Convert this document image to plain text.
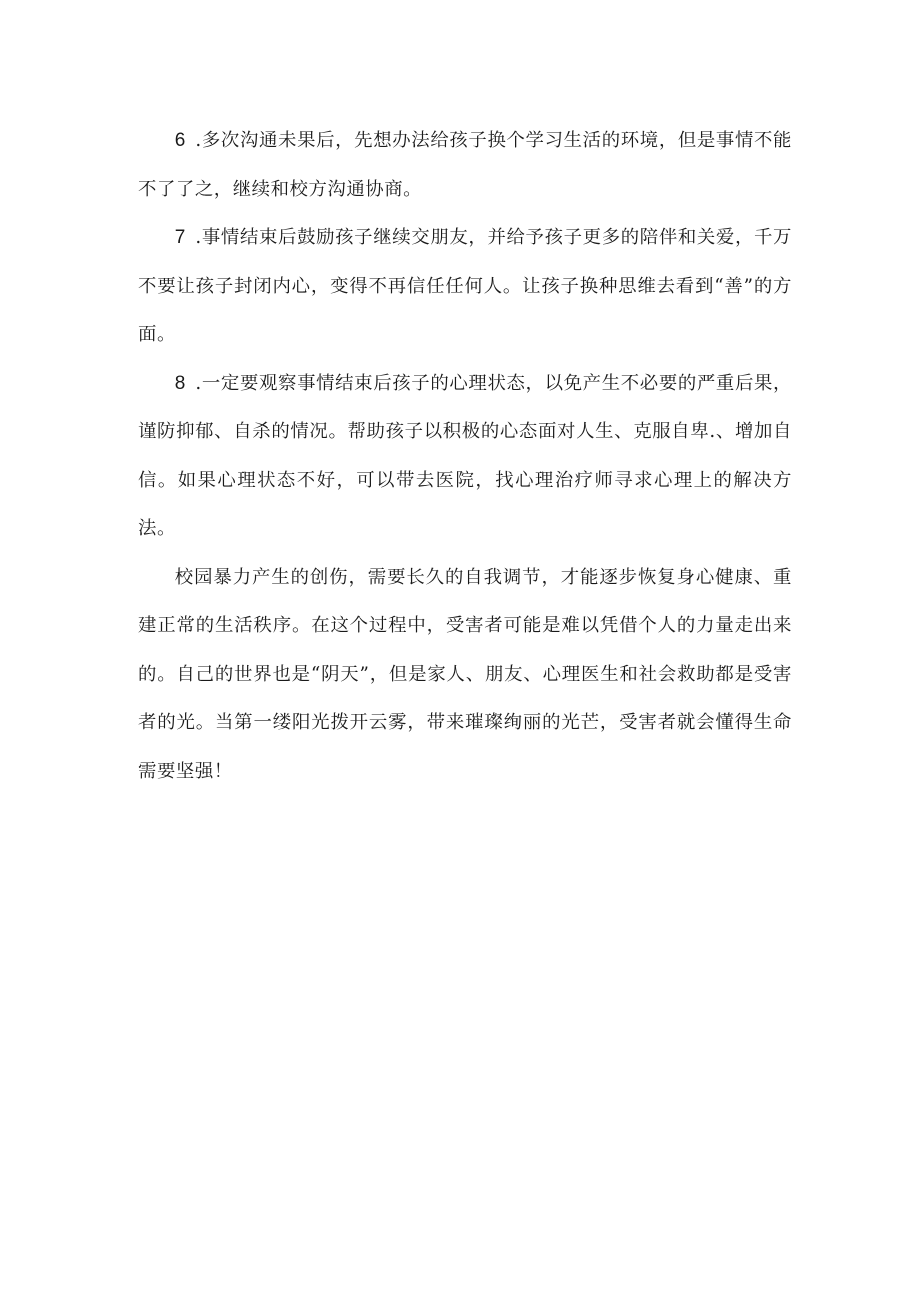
6 .多次沟通未果后，先想办法给孩子换个学习生活的环境，但是事情不能不了了之，继续和校方沟通协商。

7 .事情结束后鼓励孩子继续交朋友，并给予孩子更多的陪伴和关爱，千万不要让孩子封闭内心，变得不再信任任何人。让孩子换种思维去看到“善”的方面。

8 .一定要观察事情结束后孩子的心理状态，以免产生不必要的严重后果，谨防抑郁、自杀的情况。帮助孩子以积极的心态面对人生、克服自卑.、增加自信。如果心理状态不好，可以带去医院，找心理治疗师寻求心理上的解决方法。

校园暴力产生的创伤，需要长久的自我调节，才能逐步恢复身心健康、重建正常的生活秩序。在这个过程中，受害者可能是难以凭借个人的力量走出来的。自己的世界也是“阴天”，但是家人、朋友、心理医生和社会救助都是受害者的光。当第一缕阳光拨开云雾，带来璀璨绚丽的光芒，受害者就会懂得生命需要坚强！
